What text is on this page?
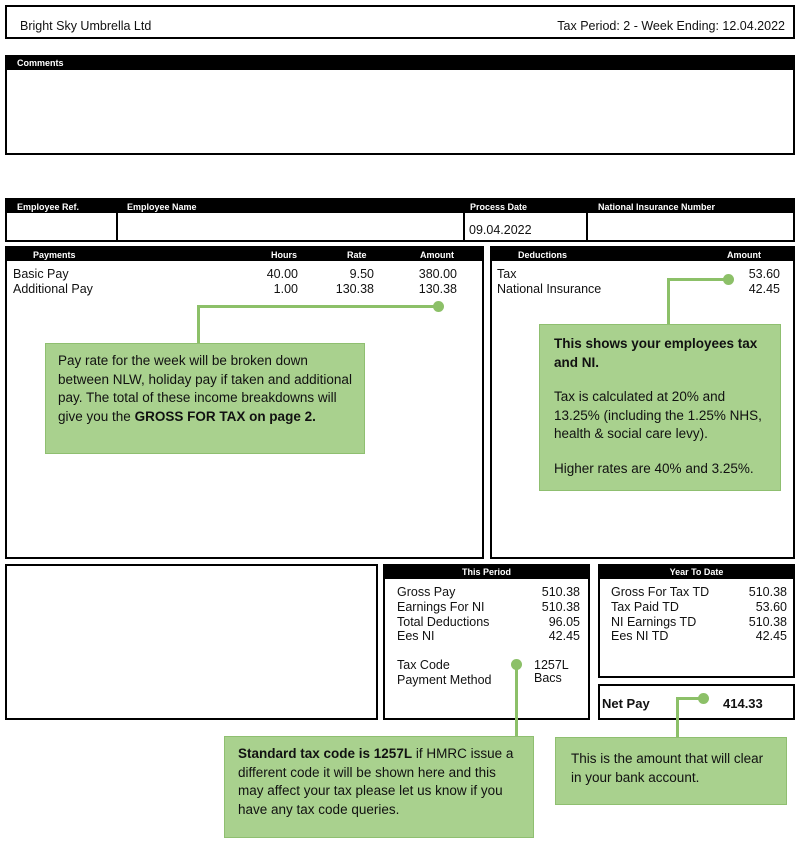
Bright Sky Umbrella Ltd	Tax Period: 2 - Week Ending: 12.04.2022
Comments
Employee Ref.	Employee Name	Process Date	National Insurance Number
09.04.2022
Payments	Hours	Rate	Amount
Basic Pay	40.00	9.50	380.00
Additional Pay	1.00	130.38	130.38
Deductions	Amount
Tax	53.60
National Insurance	42.45
This Period
Gross Pay	510.38
Earnings For NI	510.38
Total Deductions	96.05
Ees NI	42.45
Tax Code	1257L
Payment Method	Bacs
Year To Date
Gross For Tax TD	510.38
Tax Paid TD	53.60
NI Earnings TD	510.38
Ees NI TD	42.45
Net Pay	414.33
Pay rate for the week will be broken down between NLW, holiday pay if taken and additional pay. The total of these income breakdowns will give you the GROSS FOR TAX on page 2.
This shows your employees tax and NI.
Tax is calculated at 20% and 13.25% (including the 1.25% NHS, health & social care levy).
Higher rates are 40% and 3.25%.
Standard tax code is 1257L if HMRC issue a different code it will be shown here and this may affect your tax please let us know if you have any tax code queries.
This is the amount that will clear in your bank account.
